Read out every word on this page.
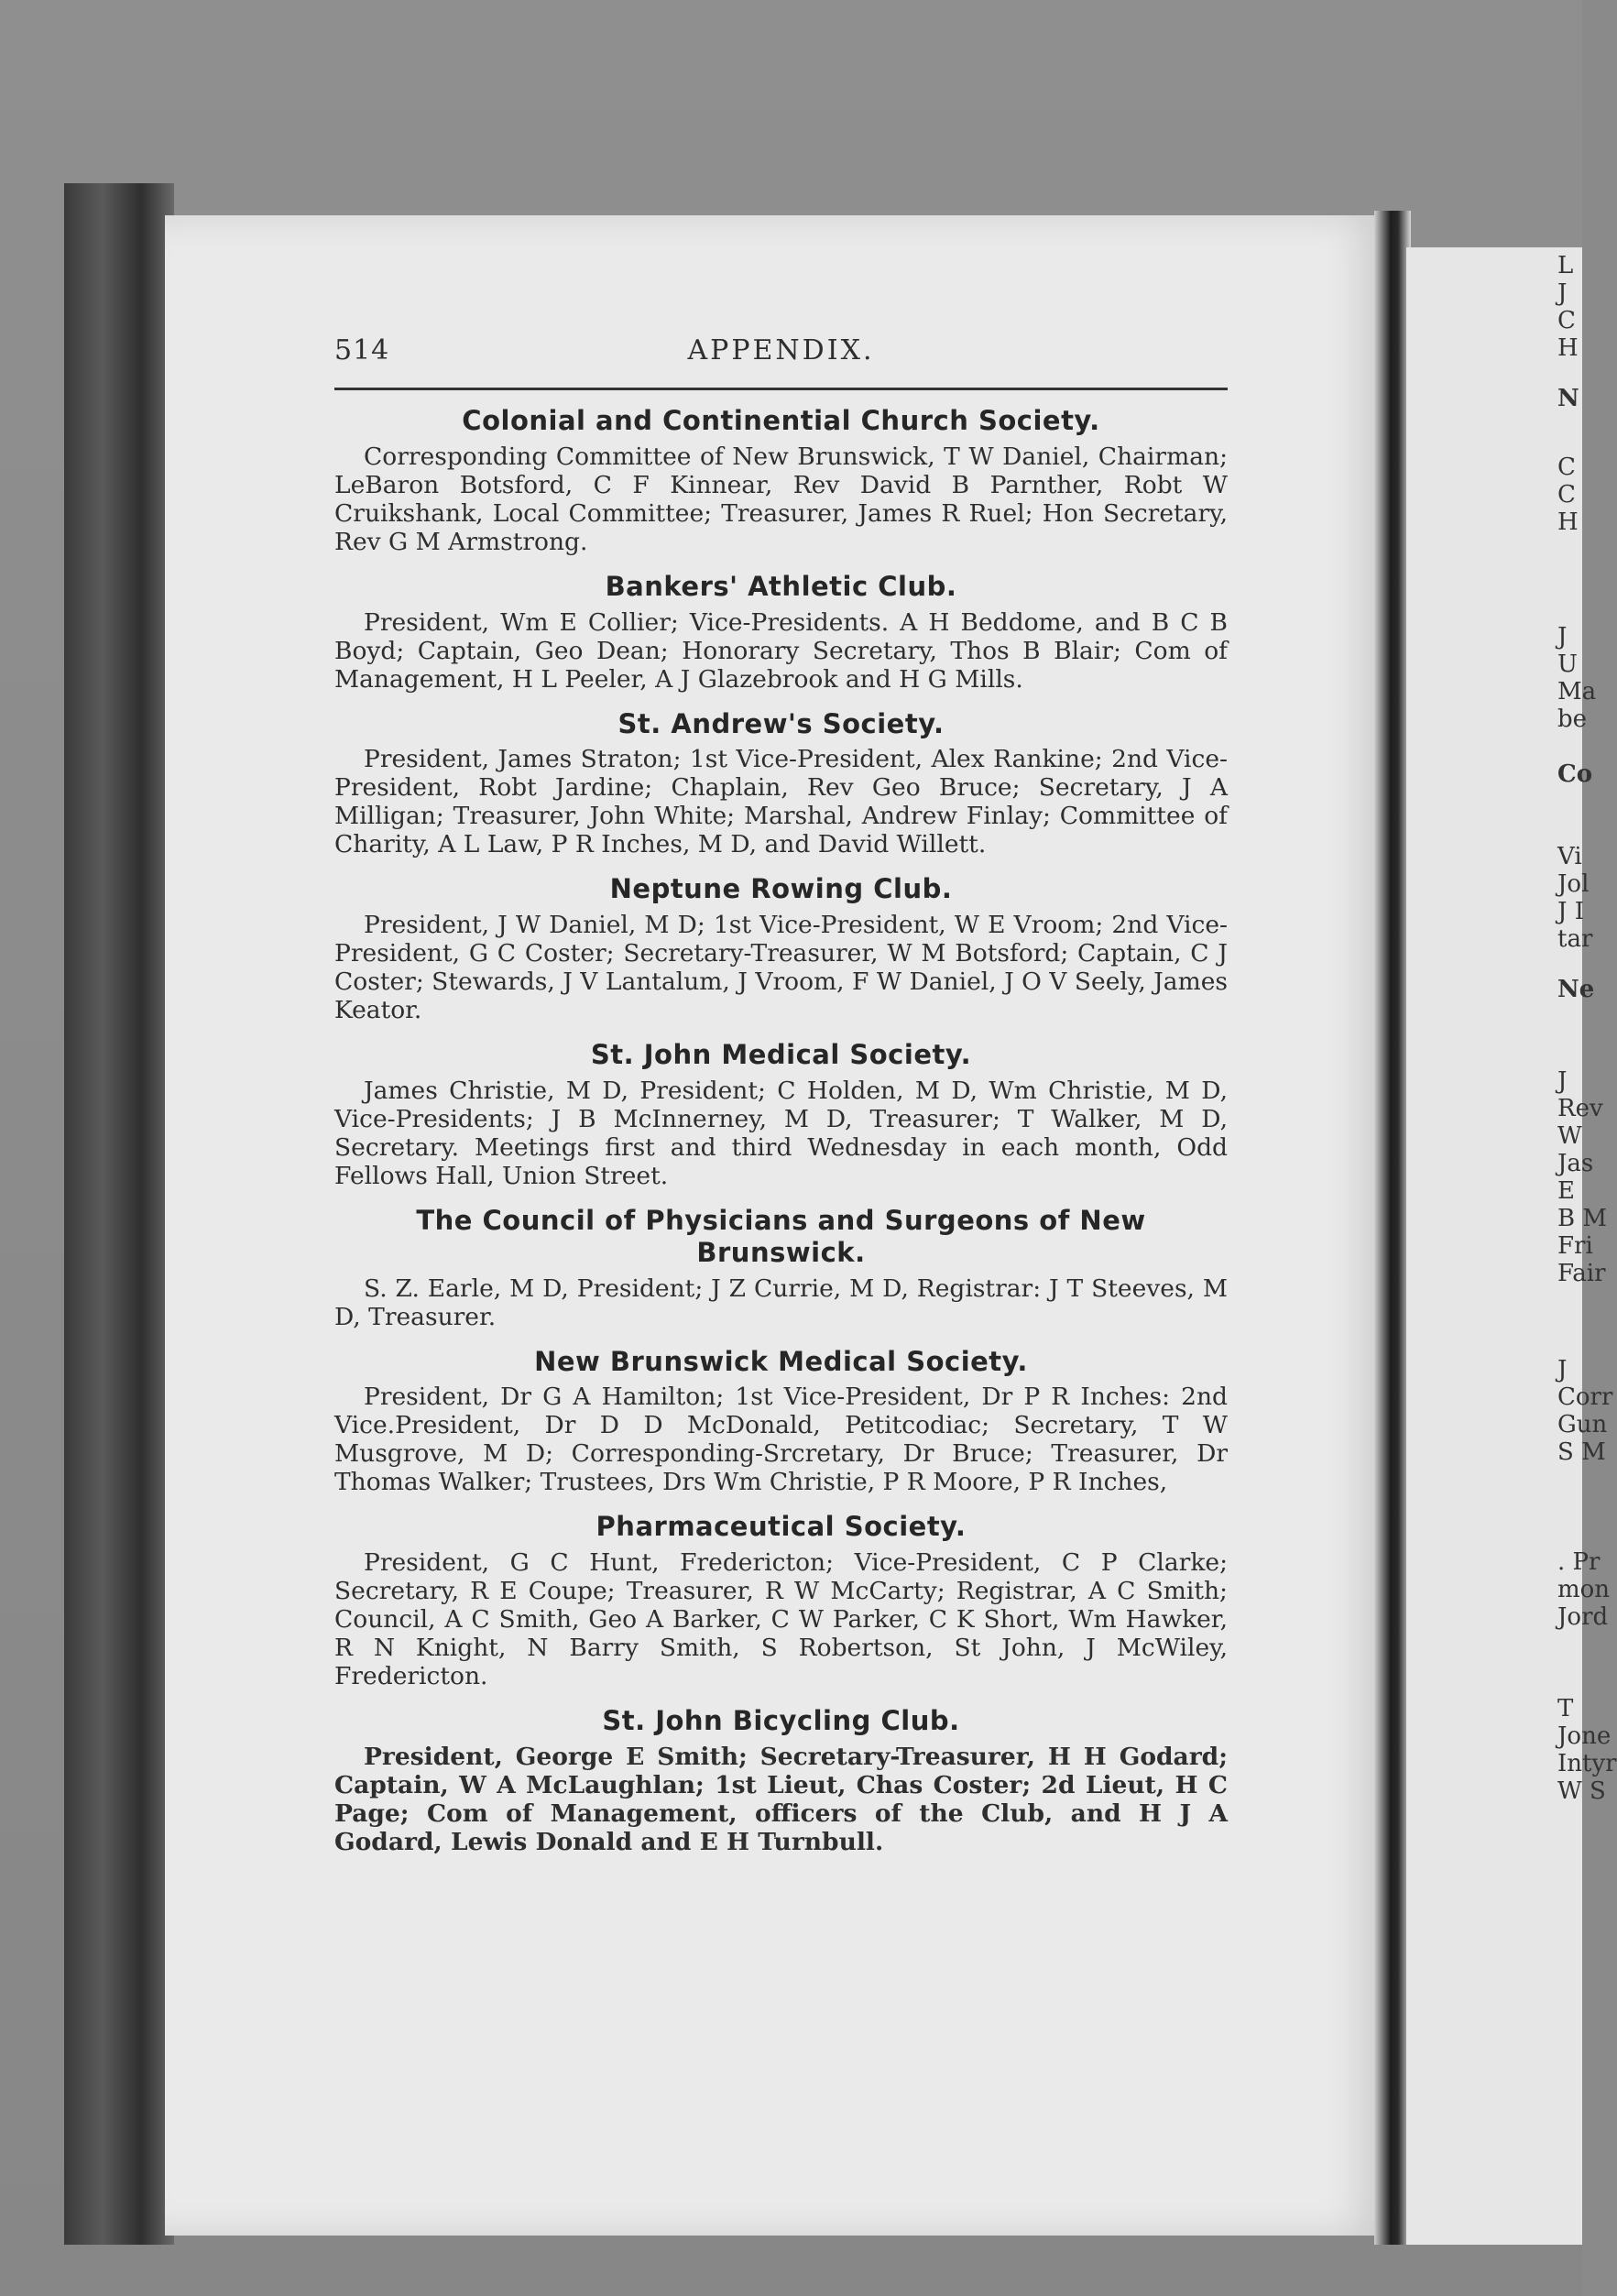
L
J
C
H
N
C
C
H
J
U
Ma
be
Co
Vi
Jol
J I
tar
Ne
J
Rev
W
Jas
E
B M
Fri
Fair
J
Corr
Gun
S M
. Pr
mon
Jord
T
Jone
Intyr
W S
514	APPENDIX.
Colonial and Continential Church Society.

Corresponding Committee of New Brunswick, T W Daniel, Chairman; LeBaron Botsford, C F Kinnear, Rev David B Parnther, Robt W Cruikshank, Local Committee; Treasurer, James R Ruel; Hon Secretary, Rev G M Armstrong.

Bankers' Athletic Club.

President, Wm E Collier; Vice-Presidents. A H Beddome, and B C B Boyd; Captain, Geo Dean; Honorary Secretary, Thos B Blair; Com of Management, H L Peeler, A J Glazebrook and H G Mills.

St. Andrew's Society.

President, James Straton; 1st Vice-President, Alex Rankine; 2nd Vice-President, Robt Jardine; Chaplain, Rev Geo Bruce; Secretary, J A Milligan; Treasurer, John White; Marshal, Andrew Finlay; Committee of Charity, A L Law, P R Inches, M D, and David Willett.

Neptune Rowing Club.

President, J W Daniel, M D; 1st Vice-President, W E Vroom; 2nd Vice-President, G C Coster; Secretary-Treasurer, W M Botsford; Captain, C J Coster; Stewards, J V Lantalum, J Vroom, F W Daniel, J O V Seely, James Keator.

St. John Medical Society.

James Christie, M D, President; C Holden, M D, Wm Christie, M D, Vice-Presidents; J B McInnerney, M D, Treasurer; T Walker, M D, Secretary. Meetings first and third Wednesday in each month, Odd Fellows Hall, Union Street.

The Council of Physicians and Surgeons of New Brunswick.

S. Z. Earle, M D, President; J Z Currie, M D, Registrar: J T Steeves, M D, Treasurer.

New Brunswick Medical Society.

President, Dr G A Hamilton; 1st Vice-President, Dr P R Inches: 2nd Vice.President, Dr D D McDonald, Petitcodiac; Secretary, T W Musgrove, M D; Corresponding-Srcretary, Dr Bruce; Treasurer, Dr Thomas Walker; Trustees, Drs Wm Christie, P R Moore, P R Inches,

Pharmaceutical Society.

President, G C Hunt, Fredericton; Vice-President, C P Clarke; Secretary, R E Coupe; Treasurer, R W McCarty; Registrar, A C Smith; Council, A C Smith, Geo A Barker, C W Parker, C K Short, Wm Hawker, R N Knight, N Barry Smith, S Robertson, St John, J McWiley, Fredericton.

St. John Bicycling Club.

President, George E Smith; Secretary-Treasurer, H H Godard; Captain, W A McLaughlan; 1st Lieut, Chas Coster; 2d Lieut, H C Page; Com of Management, officers of the Club, and H J A Godard, Lewis Donald and E H Turnbull.
